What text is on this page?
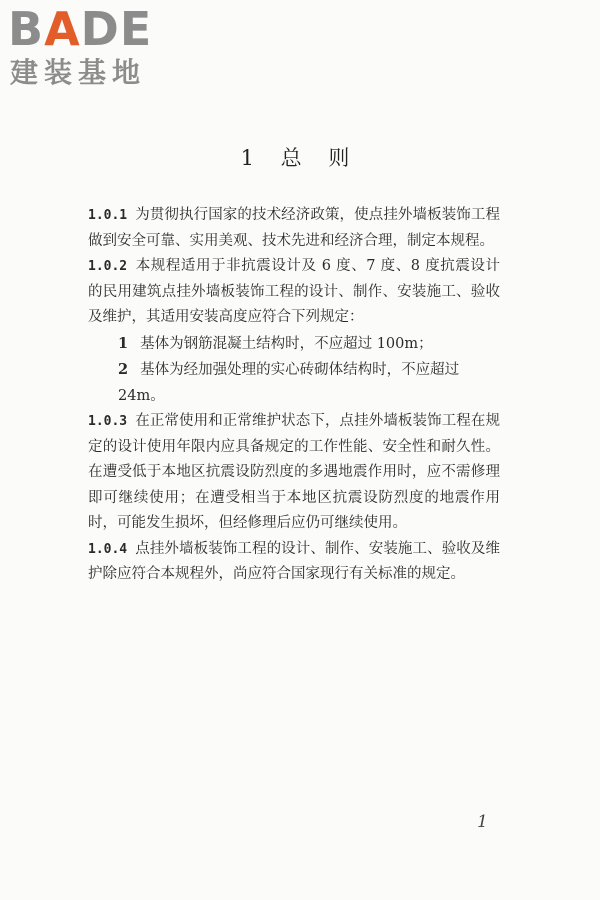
BADE
建装基地
1 总 则

1.0.1 为贯彻执行国家的技术经济政策，使点挂外墙板装饰工程做到安全可靠、实用美观、技术先进和经济合理，制定本规程。

1.0.2 本规程适用于非抗震设计及 6 度、7 度、8 度抗震设计的民用建筑点挂外墙板装饰工程的设计、制作、安装施工、验收及维护，其适用安装高度应符合下列规定：

1 基体为钢筋混凝土结构时，不应超过 100m；

2 基体为经加强处理的实心砖砌体结构时，不应超过 24m。

1.0.3 在正常使用和正常维护状态下，点挂外墙板装饰工程在规定的设计使用年限内应具备规定的工作性能、安全性和耐久性。在遭受低于本地区抗震设防烈度的多遇地震作用时，应不需修理即可继续使用；在遭受相当于本地区抗震设防烈度的地震作用时，可能发生损坏，但经修理后应仍可继续使用。

1.0.4 点挂外墙板装饰工程的设计、制作、安装施工、验收及维护除应符合本规程外，尚应符合国家现行有关标准的规定。

1
